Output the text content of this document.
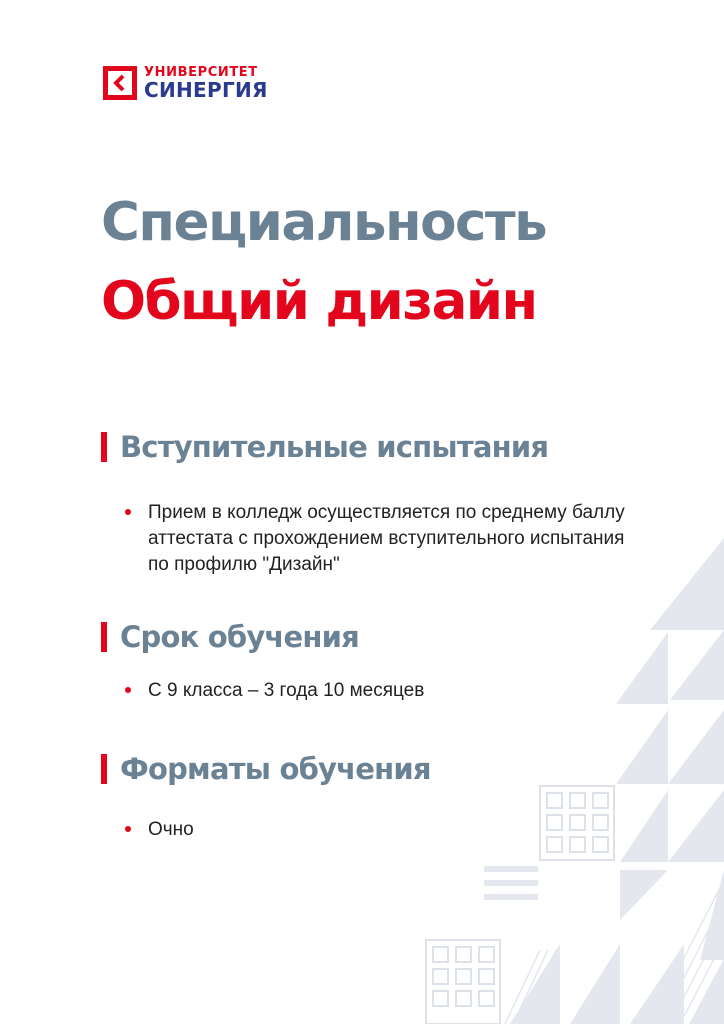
УНИВЕРСИТЕТ
СИНЕРГИЯ
Специальность
Общий дизайн
Вступительные испытания
Прием в колледж осуществляется по среднему баллу аттестата с прохождением вступительного испытания по профилю "Дизайн"
Срок обучения
С 9 класса – 3 года 10 месяцев
Форматы обучения
Очно
